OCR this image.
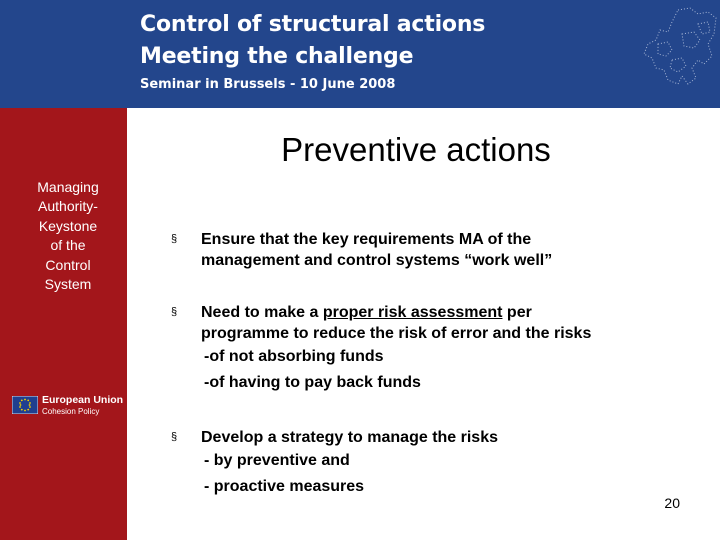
Control of structural actions
Meeting the challenge
Seminar in Brussels - 10 June 2008
Managing
Authority-
Keystone
of the
Control
System
European Union
Cohesion Policy
Preventive actions
§ Ensure that the key requirements MA of the
management and control systems “work well”
§ Need to make a proper risk assessment per
programme to reduce the risk of error and the risks
-of not absorbing funds
-of having to pay back funds
§ Develop a strategy to manage the risks
- by preventive and
- proactive measures
20
